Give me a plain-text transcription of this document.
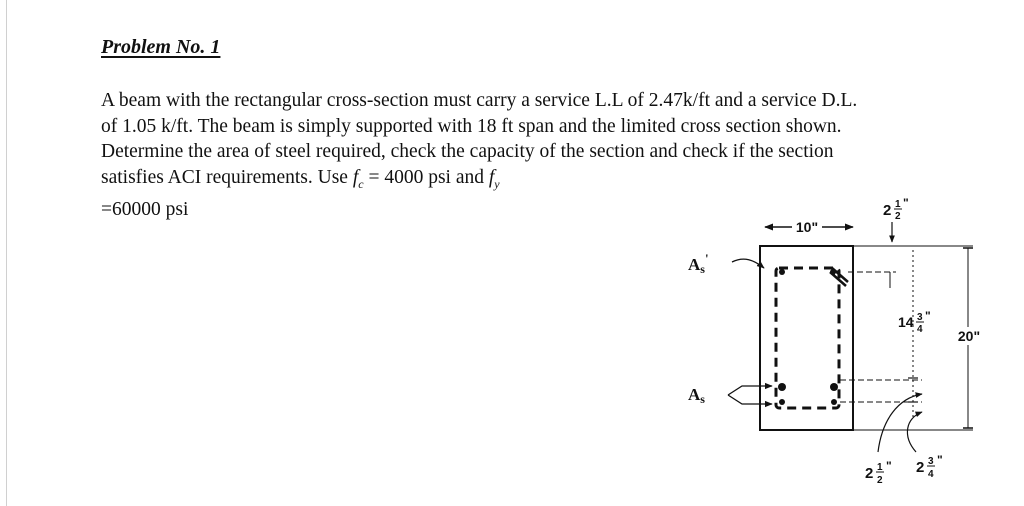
Problem No. 1
A beam with the rectangular cross-section must carry a service L.L of 2.47k/ft and a service D.L.
of 1.05 k/ft. The beam is simply supported with 18 ft span and the limited cross section shown.
Determine the area of steel required, check the capacity of the section and check if the section
satisfies ACI requirements. Use $f_c = 4000$ psi and $f_y$
=60000 psi
10"
2 1
2
"
14 3
4
"
20"
2 1
2
" 2 3
4
"
As'
As
